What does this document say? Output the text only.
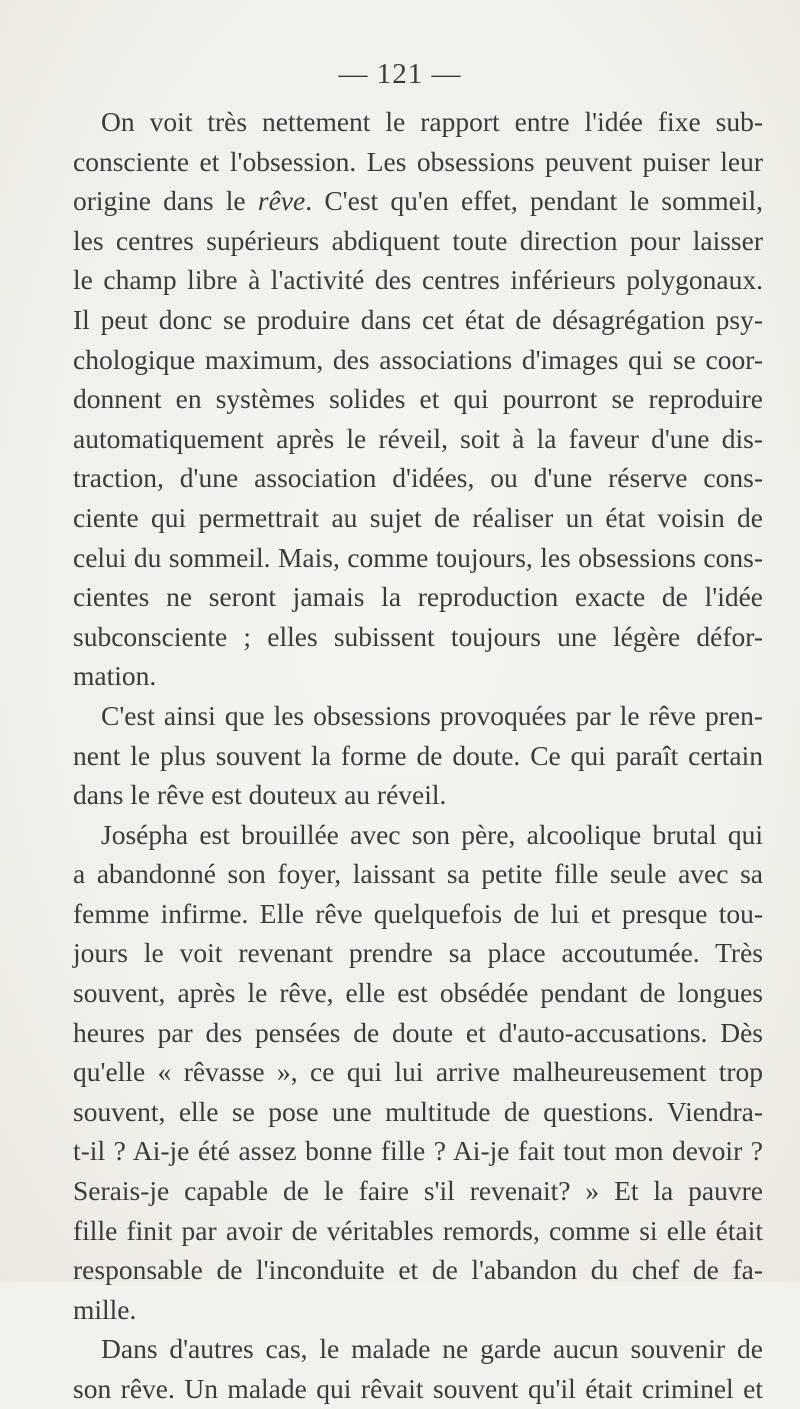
— 121 —
On voit très nettement le rapport entre l'idée fixe sub-
consciente et l'obsession. Les obsessions peuvent puiser leur
origine dans le rêve. C'est qu'en effet, pendant le sommeil,
les centres supérieurs abdiquent toute direction pour laisser
le champ libre à l'activité des centres inférieurs polygonaux.
Il peut donc se produire dans cet état de désagrégation psy-
chologique maximum, des associations d'images qui se coor-
donnent en systèmes solides et qui pourront se reproduire
automatiquement après le réveil, soit à la faveur d'une dis-
traction, d'une association d'idées, ou d'une réserve cons-
ciente qui permettrait au sujet de réaliser un état voisin de
celui du sommeil. Mais, comme toujours, les obsessions cons-
cientes ne seront jamais la reproduction exacte de l'idée
subconsciente ; elles subissent toujours une légère défor-
mation.
C'est ainsi que les obsessions provoquées par le rêve pren-
nent le plus souvent la forme de doute. Ce qui paraît certain
dans le rêve est douteux au réveil.
Josépha est brouillée avec son père, alcoolique brutal qui
a abandonné son foyer, laissant sa petite fille seule avec sa
femme infirme. Elle rêve quelquefois de lui et presque tou-
jours le voit revenant prendre sa place accoutumée. Très
souvent, après le rêve, elle est obsédée pendant de longues
heures par des pensées de doute et d'auto-accusations. Dès
qu'elle « rêvasse », ce qui lui arrive malheureusement trop
souvent, elle se pose une multitude de questions. Viendra-
t-il ? Ai-je été assez bonne fille ? Ai-je fait tout mon devoir ?
Serais-je capable de le faire s'il revenait? » Et la pauvre
fille finit par avoir de véritables remords, comme si elle était
responsable de l'inconduite et de l'abandon du chef de fa-
mille.
Dans d'autres cas, le malade ne garde aucun souvenir de
son rêve. Un malade qui rêvait souvent qu'il était criminel et
